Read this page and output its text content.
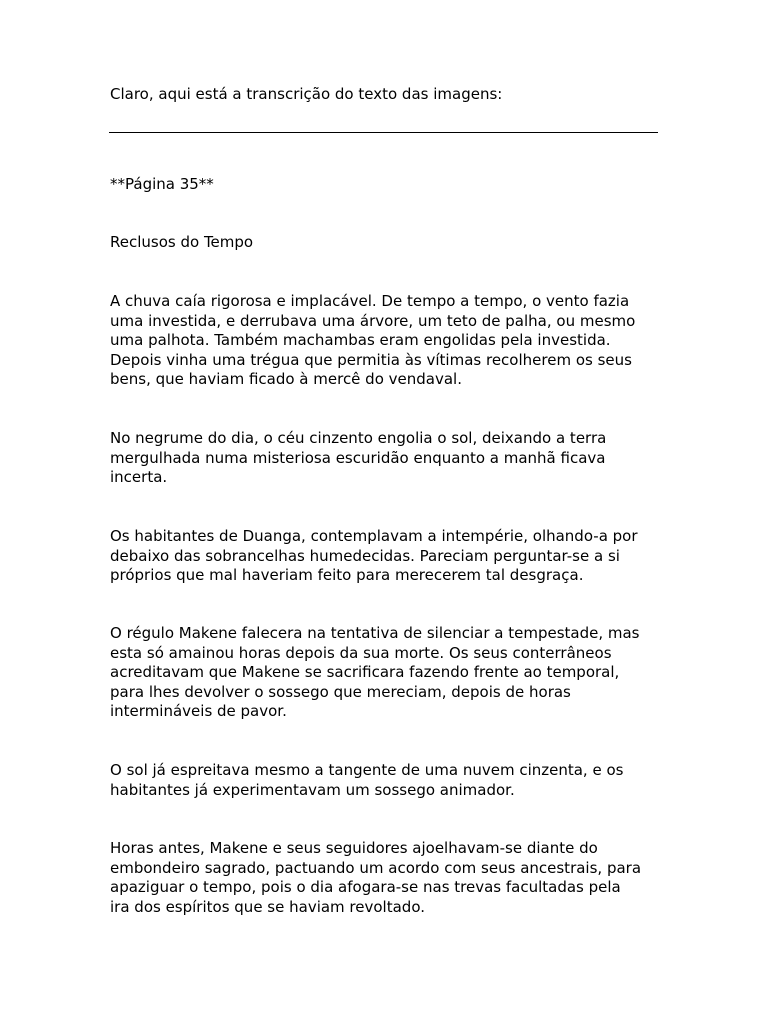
Claro, aqui está a transcrição do texto das imagens:

**Página 35**

Reclusos do Tempo

A chuva caía rigorosa e implacável. De tempo a tempo, o vento fazia
uma investida, e derrubava uma árvore, um teto de palha, ou mesmo
uma palhota. Também machambas eram engolidas pela investida.
Depois vinha uma trégua que permitia às vítimas recolherem os seus
bens, que haviam ficado à mercê do vendaval.

No negrume do dia, o céu cinzento engolia o sol, deixando a terra
mergulhada numa misteriosa escuridão enquanto a manhã ficava
incerta.

Os habitantes de Duanga, contemplavam a intempérie, olhando-a por
debaixo das sobrancelhas humedecidas. Pareciam perguntar-se a si
próprios que mal haveriam feito para merecerem tal desgraça.

O régulo Makene falecera na tentativa de silenciar a tempestade, mas
esta só amainou horas depois da sua morte. Os seus conterrâneos
acreditavam que Makene se sacrificara fazendo frente ao temporal,
para lhes devolver o sossego que mereciam, depois de horas
intermináveis de pavor.

O sol já espreitava mesmo a tangente de uma nuvem cinzenta, e os
habitantes já experimentavam um sossego animador.

Horas antes, Makene e seus seguidores ajoelhavam-se diante do
embondeiro sagrado, pactuando um acordo com seus ancestrais, para
apaziguar o tempo, pois o dia afogara-se nas trevas facultadas pela
ira dos espíritos que se haviam revoltado.
